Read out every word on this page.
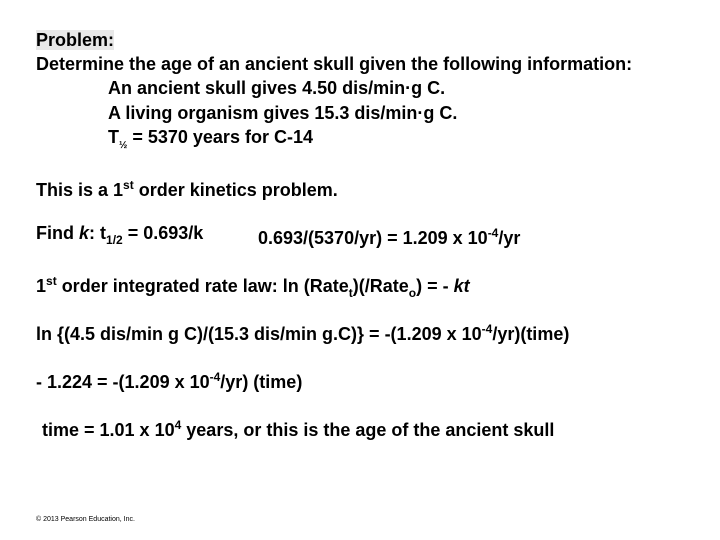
Problem:
Determine the age of an ancient skull given the following information:
An ancient skull gives 4.50 dis/min·g C.
A living organism gives 15.3 dis/min·g C.
$T_{\frac{1}{2}} = 5370$ years for C-14
This is a 1st order kinetics problem.
Find k: $t_{1/2} = 0.693/k$	0.693/(5370/yr) = 1.209 x $10^{-4}/yr$
1st order integrated rate law: ln (Rate$_t$)(/Rate$_o$) = - kt
ln {(4.5 dis/min g C)/(15.3 dis/min g.C)} = -(1.209 x $10^{-4}/yr)(time)$
- 1.224 = -(1.209 x $10^{-4}/yr$) (time)
time = 1.01 x $10^4$ years, or this is the age of the ancient skull
© 2013 Pearson Education, Inc.
